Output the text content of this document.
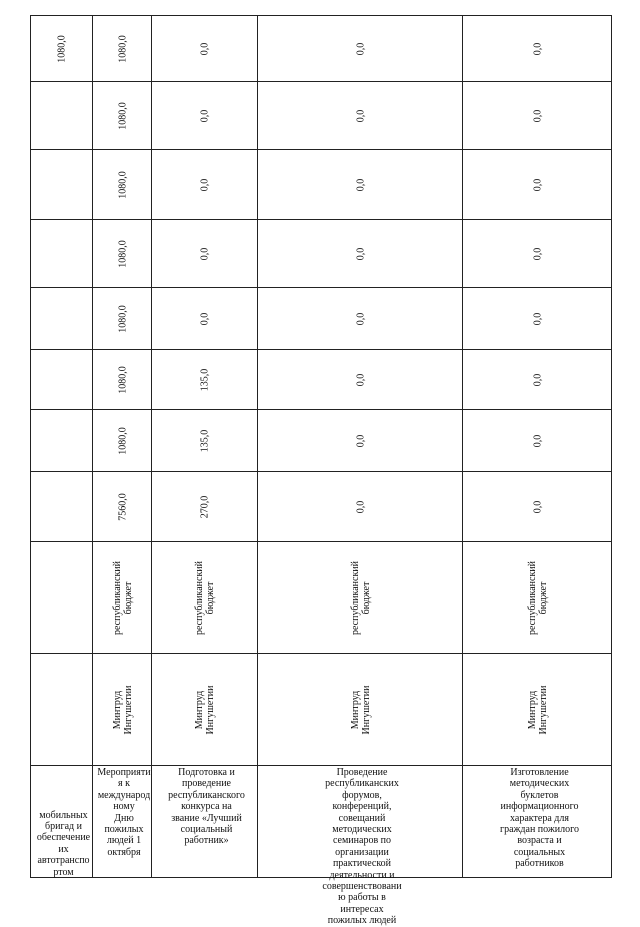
1080,0
мобильных
бригад и
обеспечение их
автотранспортом
7560,0
1080,0
1080,0
1080,0
1080,0
1080,0
1080,0
1080,0
республиканский бюджет
Минтруд Ингушетии
Мероприятия к
международному
Дню пожилых
людей 1 октября
270,0
135,0
135,0
0,0
0,0
0,0
0,0
0,0
республиканский бюджет
Минтруд Ингушетии
Подготовка и
проведение
республиканского
конкурса на
звание «Лучший
социальный
работник»
0,0
0,0
0,0
0,0
0,0
0,0
0,0
0,0
республиканский бюджет
Минтруд Ингушетии
Проведение
республиканских
форумов,
конференций,
совещаний
методических
семинаров по
организации
практической
деятельности и
совершенствовани
ю работы в
интересах
пожилых людей
0,0
0,0
0,0
0,0
0,0
0,0
0,0
0,0
республиканский бюджет
Минтруд Ингушетии
Изготовление
методических
буклетов
информационного
характера для
граждан пожилого
возраста и
социальных
работников
